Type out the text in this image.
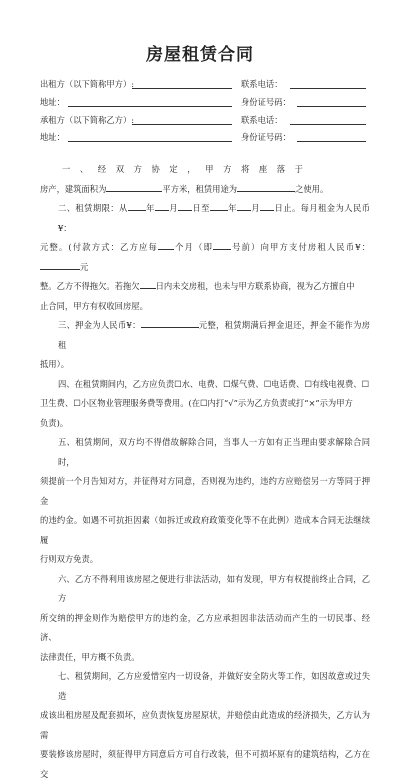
房屋租赁合同
出租方（以下简称甲方）:	联系电话：
地址：	身份证号码：
承租方（以下简称乙方）:	联系电话：
地址：	身份证号码：

一、经双方协定，甲方将座落于

房产，建筑面积为	平方米，租赁用途为	之使用。

二、租赁期限：从 年 月 日至 年 月 日止。每月租金为人民币¥：

元整。(付款方式：乙方应每 个月（即 号前）向甲方支付房租人民币¥：元

整。乙方不得拖欠。若拖欠 日内未交房租，也未与甲方联系协商，视为乙方擅自中

止合同，甲方有权收回房屋。

三、押金为人民币¥：	元整，租赁期满后押金退还，押金不能作为房租

抵用）。

四、在租赁期间内，乙方应负责☐水、电费、☐煤气费、☐电话费、☐有线电视费、☐

卫生费、☐小区物业管理服务费等费用。(在☐内打“√”示为乙方负责或打“×”示为甲方

负责)。

五、租赁期间，双方均不得借故解除合同，当事人一方如有正当理由要求解除合同时，

须提前一个月告知对方，并征得对方同意，否则视为违约，违约方应赔偿另一方等同于押金

的违约金。如遇不可抗拒因素（如拆迁或政府政策变化等不在此例）造成本合同无法继续履

行则双方免责。

六、乙方不得利用该房屋之便进行非法活动，如有发现，甲方有权提前终止合同，乙方

所交纳的押金则作为赔偿甲方的违约金，乙方应承担因非法活动而产生的一切民事、经济、

法律责任，甲方概不负责。

七、租赁期间，乙方应爱惜室内一切设备，并做好安全防火等工作，如因故意或过失造

成该出租房屋及配套损坏，应负责恢复房屋原状，并赔偿由此造成的经济损失，乙方认为需

要装修该房屋时，须征得甲方同意后方可自行改装，但不可损坏原有的建筑结构，乙方在交
